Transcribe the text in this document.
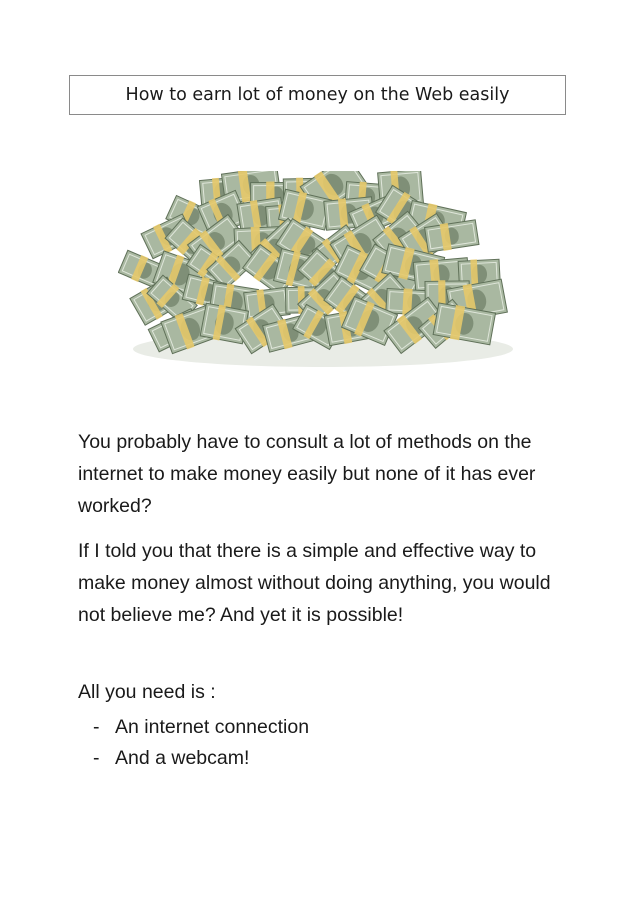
How to earn lot of money on the Web easily

You probably have to consult a lot of methods on the internet to make money easily but none of it has ever worked?

If I told you that there is a simple and effective way to make money almost without doing anything, you would not believe me? And yet it is possible!

All you need is :

- An internet connection
- And a webcam!
